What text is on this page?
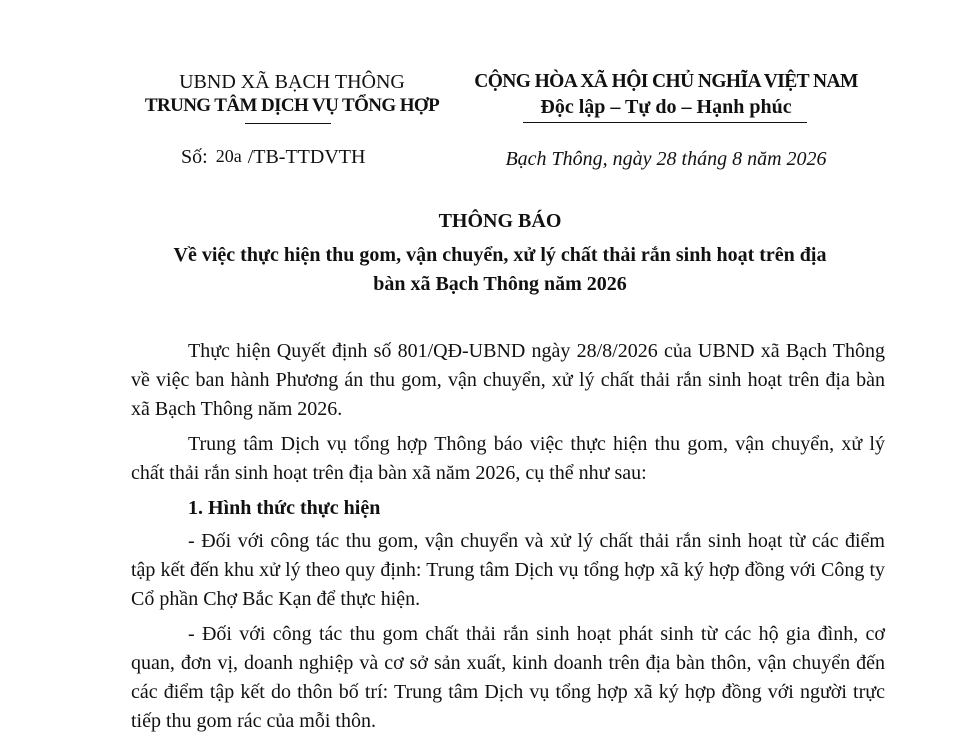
UBND XÃ BẠCH THÔNG
TRUNG TÂM DỊCH VỤ TỔNG HỢP
CỘNG HÒA XÃ HỘI CHỦ NGHĨA VIỆT NAM
Độc lập – Tự do – Hạnh phúc
Số: 20a /TB-TTDVTH	Bạch Thông, ngày 28 tháng 8 năm 2026
THÔNG BÁO
Về việc thực hiện thu gom, vận chuyển, xử lý chất thải rắn sinh hoạt trên địa
bàn xã Bạch Thông năm 2026

Thực hiện Quyết định số 801/QĐ-UBND ngày 28/8/2026 của UBND xã Bạch Thông về việc ban hành Phương án thu gom, vận chuyển, xử lý chất thải rắn sinh hoạt trên địa bàn xã Bạch Thông năm 2026.

Trung tâm Dịch vụ tổng hợp Thông báo việc thực hiện thu gom, vận chuyển, xử lý chất thải rắn sinh hoạt trên địa bàn xã năm 2026, cụ thể như sau:

1. Hình thức thực hiện

- Đối với công tác thu gom, vận chuyển và xử lý chất thải rắn sinh hoạt từ các điểm tập kết đến khu xử lý theo quy định: Trung tâm Dịch vụ tổng hợp xã ký hợp đồng với Công ty Cổ phần Chợ Bắc Kạn để thực hiện.

- Đối với công tác thu gom chất thải rắn sinh hoạt phát sinh từ các hộ gia đình, cơ quan, đơn vị, doanh nghiệp và cơ sở sản xuất, kinh doanh trên địa bàn thôn, vận chuyển đến các điểm tập kết do thôn bố trí: Trung tâm Dịch vụ tổng hợp xã ký hợp đồng với người trực tiếp thu gom rác của mỗi thôn.
